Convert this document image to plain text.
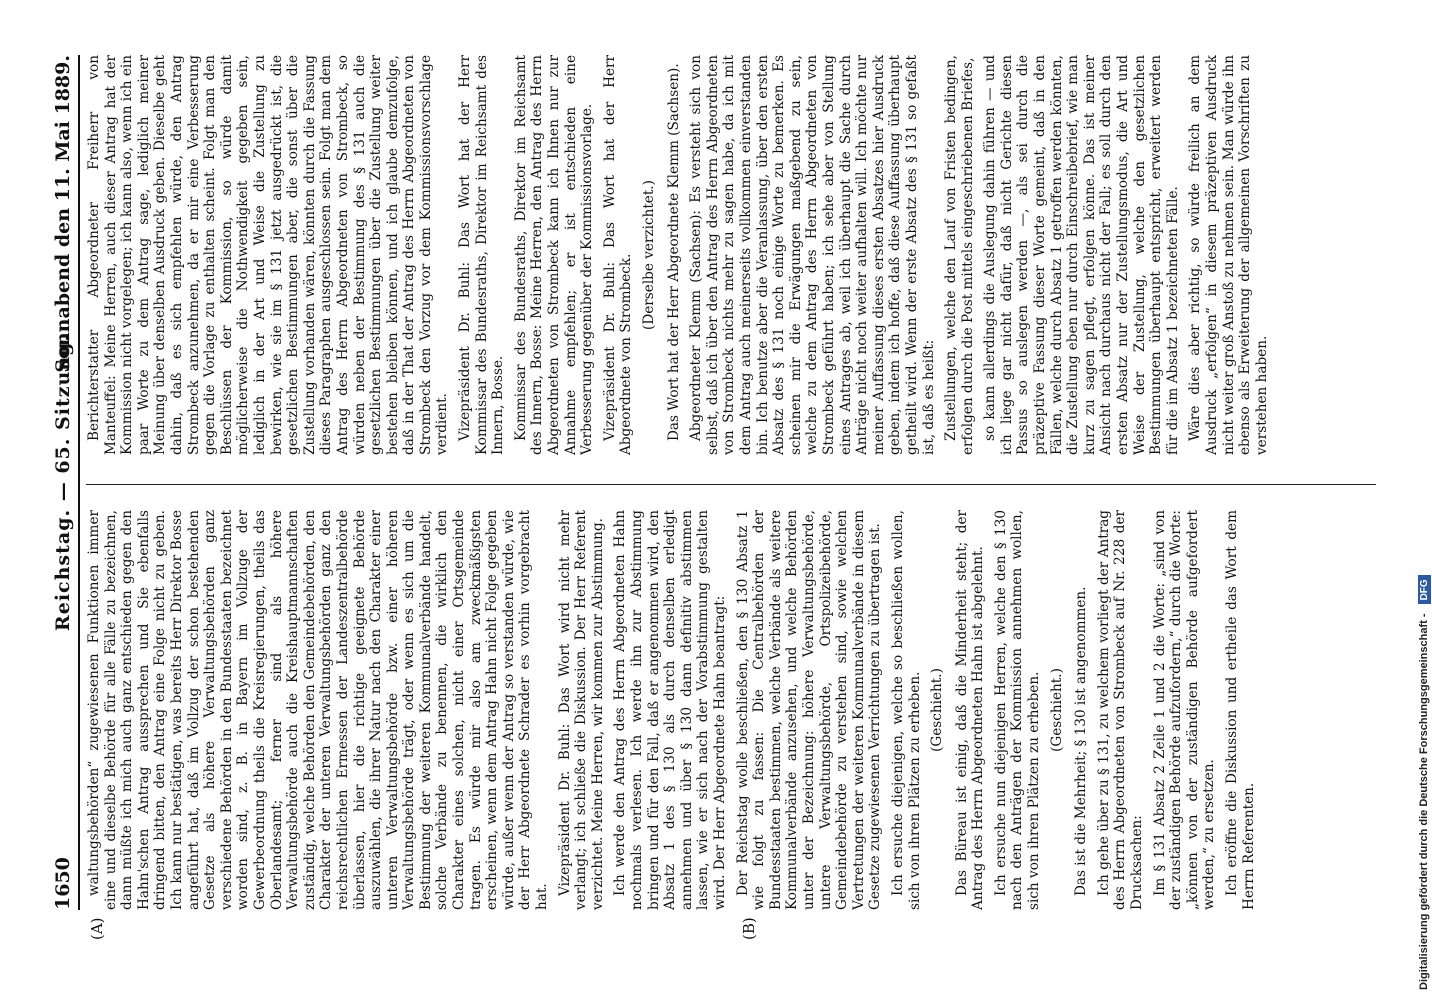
1650
Reichstag. — 65. Sitzung.
Sonnabend den 11. Mai 1889.
(A)	(B)

waltungsbehörden“ zugewiesenen Funktionen immer eine und dieselbe Behörde für alle Fälle zu bezeichnen, dann müßte ich mich auch ganz entschieden gegen den Hahn'schen Antrag aussprechen und Sie ebenfalls dringend bitten, den Antrag eine Folge nicht zu geben. Ich kann nur bestätigen, was bereits Herr Direktor Bosse angeführt hat, daß im Vollzug der schon bestehenden Gesetze als höhere Verwaltungsbehörden ganz verschiedene Behörden in den Bundesstaaten bezeichnet worden sind, z. B. in Bayern im Vollzuge der Gewerbeordnung theils die Kreisregierungen, theils das Oberlandesamt; ferner sind als höhere Verwaltungsbehörde auch die Kreishauptmannschaften zuständig, welche Behörden den Gemeindebehörden, den Charakter der unteren Verwaltungsbehörden ganz den reichsrechtlichen Ermessen der Landeszentralbehörde überlassen, hier die richtige geeignete Behörde auszuwählen, die ihrer Natur nach den Charakter einer unteren Verwaltungsbehörde bzw. einer höheren Verwaltungsbehörde trägt, oder wenn es sich um die Bestimmung der weiteren Kommunalverbände handelt, solche Verbände zu benennen, die wirklich den Charakter eines solchen, nicht einer Ortsgemeinde tragen. Es würde mir also am zweckmäßigsten erscheinen, wenn dem Antrag Hahn nicht Folge gegeben würde, außer wenn der Antrag so verstanden würde, wie der Herr Abgeordnete Schrader es vorhin vorgebracht hat.

Vizepräsident Dr. Buhl: Das Wort wird nicht mehr verlangt; ich schließe die Diskussion. Der Herr Referent verzichtet. Meine Herren, wir kommen zur Abstimmung. Ich werde den Antrag des Herrn Abgeordneten Hahn nochmals verlesen. Ich werde ihn zur Abstimmung bringen und für den Fall, daß er angenommen wird, den Absatz 1 des § 130 als durch denselben erledigt annehmen und über § 130 dann definitiv abstimmen lassen, wie er sich nach der Vorabstimmung gestalten wird. Der Herr Abgeordnete Hahn beantragt: Der Reichstag wolle beschließen, den § 130 Absatz 1 wie folgt zu fassen: Die Centralbehörden der Bundesstaaten bestimmen, welche Verbände als weitere Kommunalverbände anzusehen, und welche Behörden unter der Bezeichnung: höhere Verwaltungsbehörde, untere Verwaltungsbehörde, Ortspolizeibehörde, Gemeindebehörde zu verstehen sind, sowie welchen Vertretungen der weiteren Kommunalverbände in diesem Gesetze zugewiesenen Verrichtungen zu übertragen ist. Ich ersuche diejenigen, welche so beschließen wollen, sich von ihren Plätzen zu erheben. (Geschieht.) Das Büreau ist einig, daß die Minderheit steht; der Antrag des Herrn Abgeordneten Hahn ist abgelehnt. Ich ersuche nun diejenigen Herren, welche den § 130 nach den Anträgen der Kommission annehmen wollen, sich von ihren Plätzen zu erheben. (Geschieht.) Das ist die Mehrheit; § 130 ist angenommen. Ich gehe über zu § 131, zu welchem vorliegt der Antrag des Herrn Abgeordneten von Strombeck auf Nr. 228 der Drucksachen: Im § 131 Absatz 2 Zeile 1 und 2 die Worte: „sind von der zuständigen Behörde aufzufordern,“ durch die Worte: „können von der zuständigen Behörde aufgefordert werden,“ zu ersetzen. Ich eröffne die Diskussion und ertheile das Wort dem Herrn Referenten.

Berichterstatter Abgeordneter Freiherr von Manteuffel: Meine Herren, auch dieser Antrag hat der Kommission nicht vorgelegen; ich kann also, wenn ich ein paar Worte zu dem Antrag sage, lediglich meiner Meinung über denselben Ausdruck geben. Dieselbe geht dahin, daß es sich empfehlen würde, den Antrag Strombeck anzunehmen, da er mir eine Verbesserung gegen die Vorlage zu enthalten scheint. Folgt man den Beschlüssen der Kommission, so würde damit möglicherweise die Nothwendigkeit gegeben sein, lediglich in der Art und Weise die Zustellung zu bewirken, wie sie im § 131 jetzt ausgedrückt ist, die gesetzlichen Bestimmungen aber, die sonst über die Zustellung vorhanden wären, könnten durch die Fassung dieses Paragraphen ausgeschlossen sein. Folgt man dem Antrag des Herrn Abgeordneten von Strombeck, so würden neben der Bestimmung des § 131 auch die gesetzlichen Bestimmungen über die Zustellung weiter bestehen bleiben können, und ich glaube demzufolge, daß in der That der Antrag des Herrn Abgeordneten von Strombeck den Vorzug vor dem Kommissionsvorschlage verdient. Vizepräsident Dr. Buhl: Das Wort hat der Herr Kommissar des Bundesraths, Direktor im Reichsamt des Innern, Bosse. Kommissar des Bundesraths, Direktor im Reichsamt des Innern, Bosse: Meine Herren, den Antrag des Herrn Abgeordneten von Strombeck kann ich Ihnen nur zur Annahme empfehlen; er ist entschieden eine Verbesserung gegenüber der Kommissionsvorlage. Vizepräsident Dr. Buhl: Das Wort hat der Herr Abgeordnete von Strombeck. (Derselbe verzichtet.) Das Wort hat der Herr Abgeordnete Klemm (Sachsen). Abgeordneter Klemm (Sachsen): Es versteht sich von selbst, daß ich über den Antrag des Herrn Abgeordneten von Strombeck nichts mehr zu sagen habe, da ich mit dem Antrag auch meinerseits vollkommen einverstanden bin. Ich benutze aber die Veranlassung, über den ersten Absatz des § 131 noch einige Worte zu bemerken. Es scheinen mir die Erwägungen maßgebend zu sein, welche zu dem Antrag des Herrn Abgeordneten von Strombeck geführt haben; ich sehe aber von Stellung eines Antrages ab, weil ich überhaupt die Sache durch Anträge nicht noch weiter aufhalten will. Ich möchte nur meiner Auffassung dieses ersten Absatzes hier Ausdruck geben, indem ich hoffe, daß diese Auffassung überhaupt getheilt wird. Wenn der erste Absatz des § 131 so gefaßt ist, daß es heißt: Zustellungen, welche den Lauf von Fristen bedingen, erfolgen durch die Post mittels eingeschriebenen Briefes, so kann allerdings die Auslegung dahin führen — und ich liege gar nicht dafür, daß nicht Gerichte diesen Passus so auslegen werden —, als sei durch die präzeptive Fassung dieser Worte gemeint, daß in den Fällen, welche durch Absatz 1 getroffen werden könnten, die Zustellung eben nur durch Einschreibebrief, wie man kurz zu sagen pflegt, erfolgen könne. Das ist meiner Ansicht nach durchaus nicht der Fall; es soll durch den ersten Absatz nur der Zustellungsmodus, die Art und Weise der Zustellung, welche den gesetzlichen Bestimmungen überhaupt entspricht, erweitert werden für die im Absatz 1 bezeichneten Fälle. Wäre dies aber richtig, so würde freilich an dem Ausdruck „erfolgen“ in diesem präzeptiven Ausdruck nicht weiter groß Anstoß zu nehmen sein. Man würde ihn ebenso als Erweiterung der allgemeinen Vorschriften zu verstehen haben.

Digitalisierung gefördert durch die Deutsche Forschungsgemeinschaft - DFG
